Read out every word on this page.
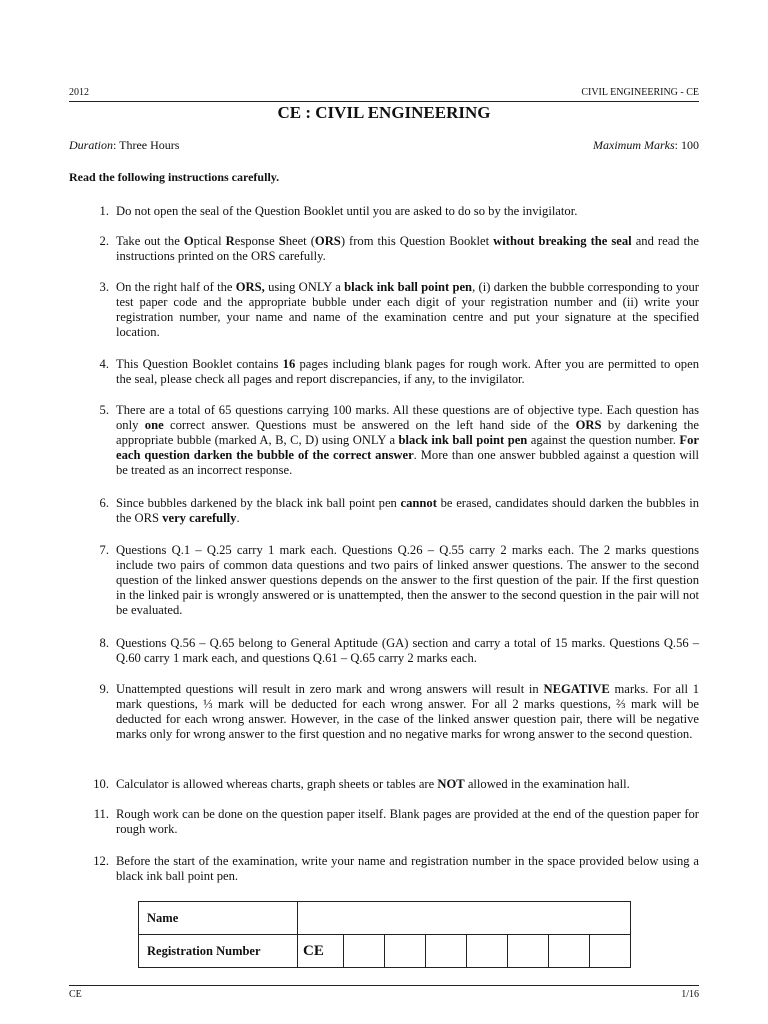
2012	CIVIL ENGINEERING - CE
CE : CIVIL ENGINEERING
Duration: Three Hours	Maximum Marks: 100
Read the following instructions carefully.
1. Do not open the seal of the Question Booklet until you are asked to do so by the invigilator.
2. Take out the Optical Response Sheet (ORS) from this Question Booklet without breaking the seal and read the instructions printed on the ORS carefully.
3. On the right half of the ORS, using ONLY a black ink ball point pen, (i) darken the bubble corresponding to your test paper code and the appropriate bubble under each digit of your registration number and (ii) write your registration number, your name and name of the examination centre and put your signature at the specified location.
4. This Question Booklet contains 16 pages including blank pages for rough work. After you are permitted to open the seal, please check all pages and report discrepancies, if any, to the invigilator.
5. There are a total of 65 questions carrying 100 marks. All these questions are of objective type. Each question has only one correct answer. Questions must be answered on the left hand side of the ORS by darkening the appropriate bubble (marked A, B, C, D) using ONLY a black ink ball point pen against the question number. For each question darken the bubble of the correct answer. More than one answer bubbled against a question will be treated as an incorrect response.
6. Since bubbles darkened by the black ink ball point pen cannot be erased, candidates should darken the bubbles in the ORS very carefully.
7. Questions Q.1 – Q.25 carry 1 mark each. Questions Q.26 – Q.55 carry 2 marks each. The 2 marks questions include two pairs of common data questions and two pairs of linked answer questions. The answer to the second question of the linked answer questions depends on the answer to the first question of the pair. If the first question in the linked pair is wrongly answered or is unattempted, then the answer to the second question in the pair will not be evaluated.
8. Questions Q.56 – Q.65 belong to General Aptitude (GA) section and carry a total of 15 marks. Questions Q.56 – Q.60 carry 1 mark each, and questions Q.61 – Q.65 carry 2 marks each.
9. Unattempted questions will result in zero mark and wrong answers will result in NEGATIVE marks. For all 1 mark questions, ⅓ mark will be deducted for each wrong answer. For all 2 marks questions, ⅔ mark will be deducted for each wrong answer. However, in the case of the linked answer question pair, there will be negative marks only for wrong answer to the first question and no negative marks for wrong answer to the second question.
10. Calculator is allowed whereas charts, graph sheets or tables are NOT allowed in the examination hall.
11. Rough work can be done on the question paper itself. Blank pages are provided at the end of the question paper for rough work.
12. Before the start of the examination, write your name and registration number in the space provided below using a black ink ball point pen.
Name								
Registration Number	CE							
CE	1/16
